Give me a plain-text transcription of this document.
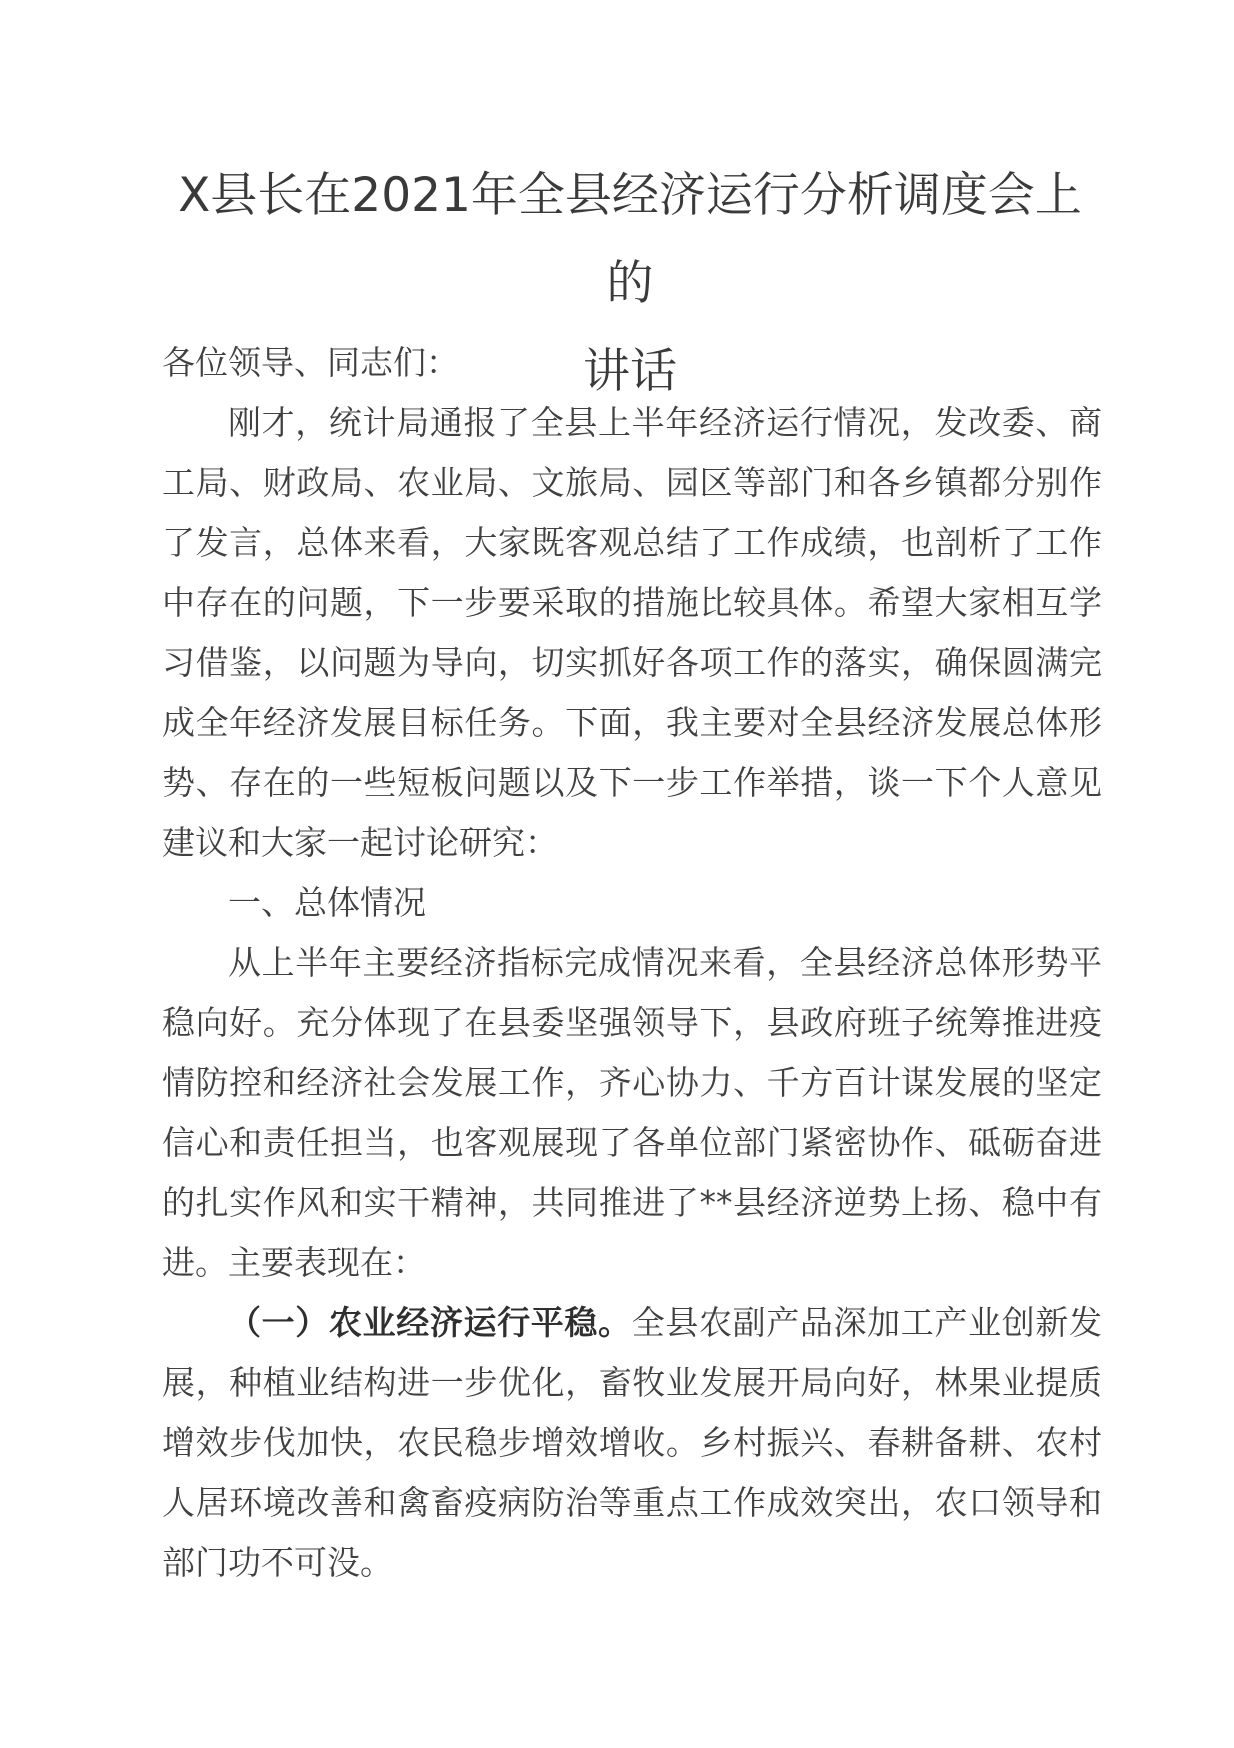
X县长在2021年全县经济运行分析调度会上的
讲话

各位领导、同志们：

刚才，统计局通报了全县上半年经济运行情况，发改委、商工局、财政局、农业局、文旅局、园区等部门和各乡镇都分别作了发言，总体来看，大家既客观总结了工作成绩，也剖析了工作中存在的问题，下一步要采取的措施比较具体。希望大家相互学习借鉴，以问题为导向，切实抓好各项工作的落实，确保圆满完成全年经济发展目标任务。下面，我主要对全县经济发展总体形势、存在的一些短板问题以及下一步工作举措，谈一下个人意见建议和大家一起讨论研究：

一、总体情况

从上半年主要经济指标完成情况来看，全县经济总体形势平稳向好。充分体现了在县委坚强领导下，县政府班子统筹推进疫情防控和经济社会发展工作，齐心协力、千方百计谋发展的坚定信心和责任担当，也客观展现了各单位部门紧密协作、砥砺奋进的扎实作风和实干精神，共同推进了**县经济逆势上扬、稳中有进。主要表现在：

（一）农业经济运行平稳。全县农副产品深加工产业创新发展，种植业结构进一步优化，畜牧业发展开局向好，林果业提质增效步伐加快，农民稳步增效增收。乡村振兴、春耕备耕、农村人居环境改善和禽畜疫病防治等重点工作成效突出，农口领导和部门功不可没。
